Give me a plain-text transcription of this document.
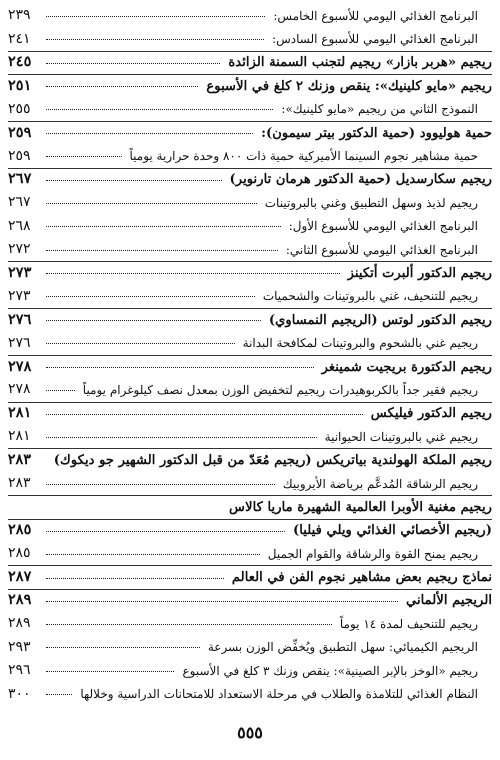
البرنامج الغذائي اليومي للأسبوع الخامس:
٢٣٩
البرنامج الغذائي اليومي للأسبوع السادس:
٢٤١
ريجيم «هربر بازار» ريجيم لتجنب السمنة الزائدة
٢٤٥
ريجيم «مايو كلينيك»: ينقص وزنك ٢ كلغ في الأسبوع
٢٥١
النموذج الثاني من ريجيم «مايو كلينيك»:
٢٥٥
حمية هوليوود (حمية الدكتور بيتر سيمون):
٢٥٩
حمية مشاهير نجوم السينما الأميركية حمية ذات ٨٠٠ وحدة حرارية يومياً
٢٥٩
ريجيم سكارسديل (حمية الدكتور هرمان تارنوير)
٢٦٧
ريجيم لذيذ وسهل التطبيق وغني بالبروتينات
٢٦٧
البرنامج الغذائي اليومي للأسبوع الأول:
٢٦٨
البرنامج الغذائي اليومي للأسبوع الثاني:
٢٧٢
ريجيم الدكتور ألبرت أتكينز
٢٧٣
ريجيم للتنحيف، غني بالبروتينات والشحميات
٢٧٣
ريجيم الدكتور لوتس (الريجيم النمساوي)
٢٧٦
ريجيم غني بالشحوم والبروتينات لمكافحة البدانة
٢٧٦
ريجيم الدكتورة بريجيت شمينغر
٢٧٨
ريجيم فقير جداً بالكربوهيدرات ريجيم لتخفيض الوزن بمعدل نصف كيلوغرام يومياً
٢٧٨
ريجيم الدكتور فيليكس
٢٨١
ريجيم غني بالبروتينات الحيوانية
٢٨١
ريجيم الملكة الهولندية بياتريكس (ريجيم مُعَدّ من قبل الدكتور الشهير جو ديكوك)
٢٨٣
ريجيم الرشاقة المُدعَّم برياضة الأيروبيك
٢٨٣
ريجيم مغنية الأوبرا العالمية الشهيرة ماريا كالاس
(ريجيم الأخصائي الغذائي ويلي فيليا)
٢٨٥
ريجيم يمنح القوة والرشاقة والقوام الجميل
٢٨٥
نماذج ريجيم بعض مشاهير نجوم الفن في العالم
٢٨٧
الريجيم الألماني
٢٨٩
ريجيم للتنحيف لمدة ١٤ يوماً
٢٨٩
الريجيم الكيميائي: سهل التطبيق ويُخفِّض الوزن بسرعة
٢٩٣
ريجيم «الوخز بالإبر الصينية»: ينقص وزنك ٣ كلغ في الأسبوع
٢٩٦
النظام الغذائي للتلامذة والطلاب في مرحلة الاستعداد للامتحانات الدراسية وخلالها
٣٠٠
٥٥٥
